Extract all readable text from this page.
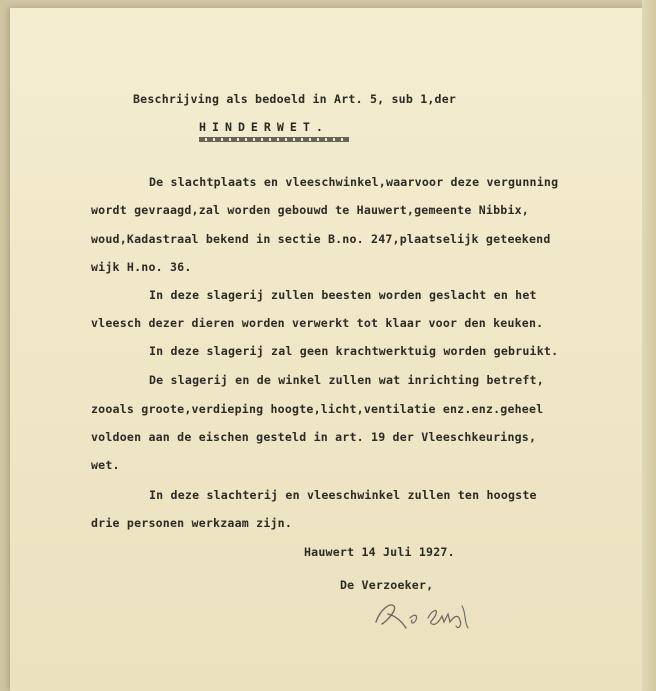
Beschrijving als bedoeld in Art. 5, sub 1,der
HINDERWET.
De slachtplaats en vleeschwinkel,waarvoor deze vergunning
wordt gevraagd,zal worden gebouwd te Hauwert,gemeente Nibbix,
woud,Kadastraal bekend in sectie B.no. 247,plaatselijk geteekend
wijk H.no. 36.
In deze slagerij zullen beesten worden geslacht en het
vleesch dezer dieren worden verwerkt tot klaar voor den keuken.
In deze slagerij zal geen krachtwerktuig worden gebruikt.
De slagerij en de winkel zullen wat inrichting betreft,
zooals groote,verdieping hoogte,licht,ventilatie enz.enz.geheel
voldoen aan de eischen gesteld in art. 19 der Vleeschkeurings,
wet.
In deze slachterij en vleeschwinkel zullen ten hoogste
drie personen werkzaam zijn.
Hauwert 14 Juli 1927.
De Verzoeker,
